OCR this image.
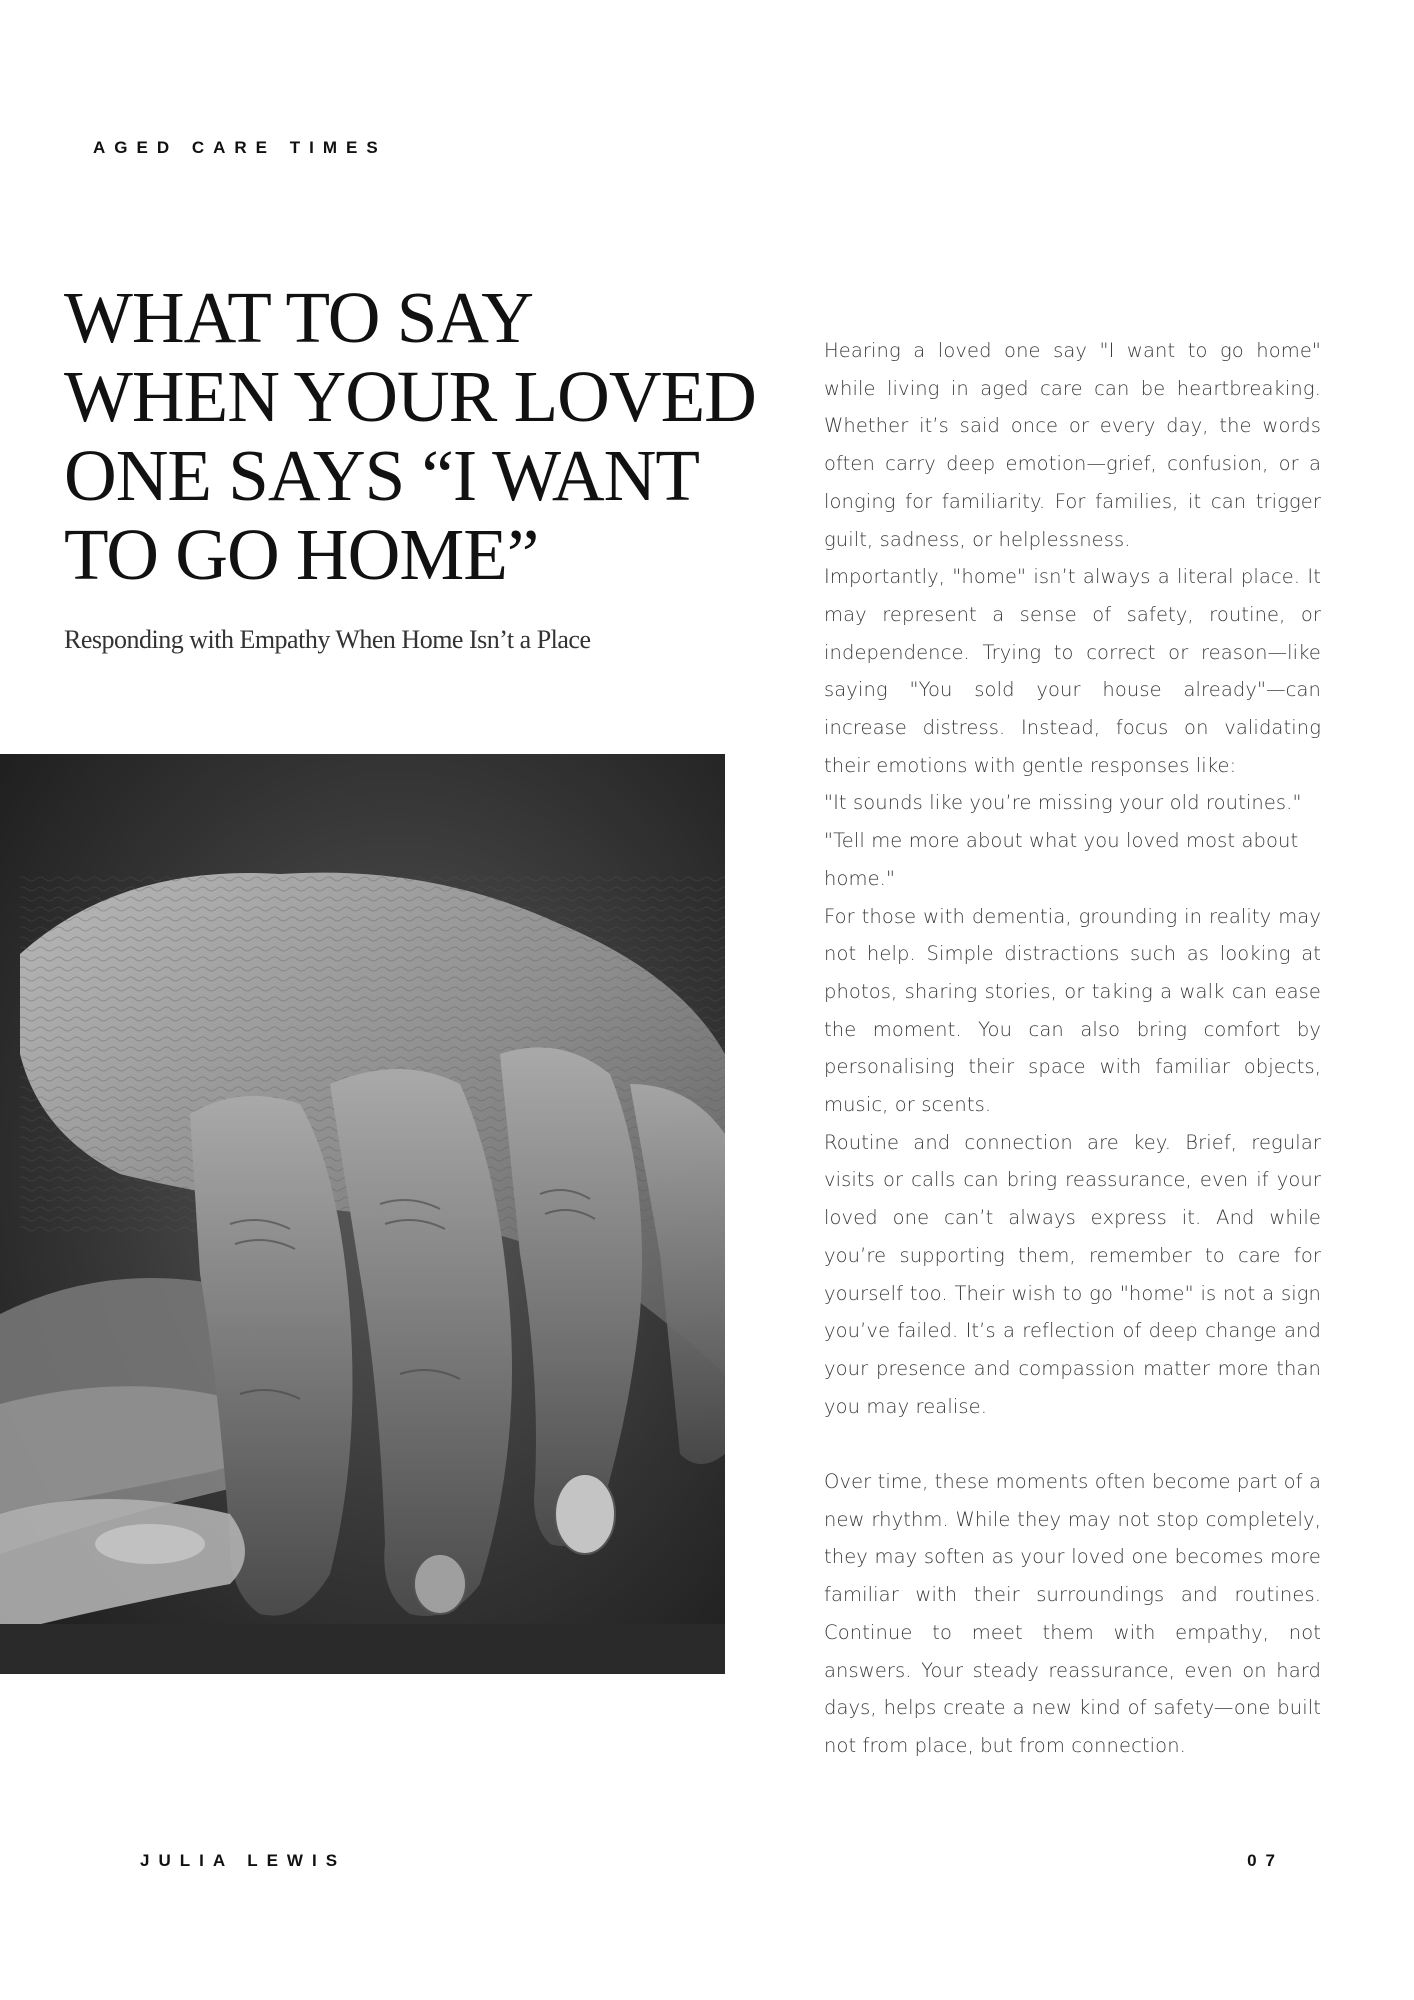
AGED CARE TIMES
WHAT TO SAY
WHEN YOUR LOVED
ONE SAYS “I WANT
TO GO HOME”
Responding with Empathy When Home Isn’t a Place

Hearing a loved one say "I want to go home" while living in aged care can be heartbreaking. Whether it’s said once or every day, the words often carry deep emotion—grief, confusion, or a longing for familiarity. For families, it can trigger guilt, sadness, or helplessness.

Importantly, "home" isn’t always a literal place. It may represent a sense of safety, routine, or independence. Trying to correct or reason—like saying "You sold your house already"—can increase distress. Instead, focus on validating their emotions with gentle responses like:

"It sounds like you’re missing your old routines."

"Tell me more about what you loved most about home."

For those with dementia, grounding in reality may not help. Simple distractions such as looking at photos, sharing stories, or taking a walk can ease the moment. You can also bring comfort by personalising their space with familiar objects, music, or scents.

Routine and connection are key. Brief, regular visits or calls can bring reassurance, even if your loved one can’t always express it. And while you’re supporting them, remember to care for yourself too. Their wish to go "home" is not a sign you’ve failed. It’s a reflection of deep change and your presence and compassion matter more than you may realise.

Over time, these moments often become part of a new rhythm. While they may not stop completely, they may soften as your loved one becomes more familiar with their surroundings and routines. Continue to meet them with empathy, not answers. Your steady reassurance, even on hard days, helps create a new kind of safety—one built not from place, but from connection.

JULIA LEWIS	07
